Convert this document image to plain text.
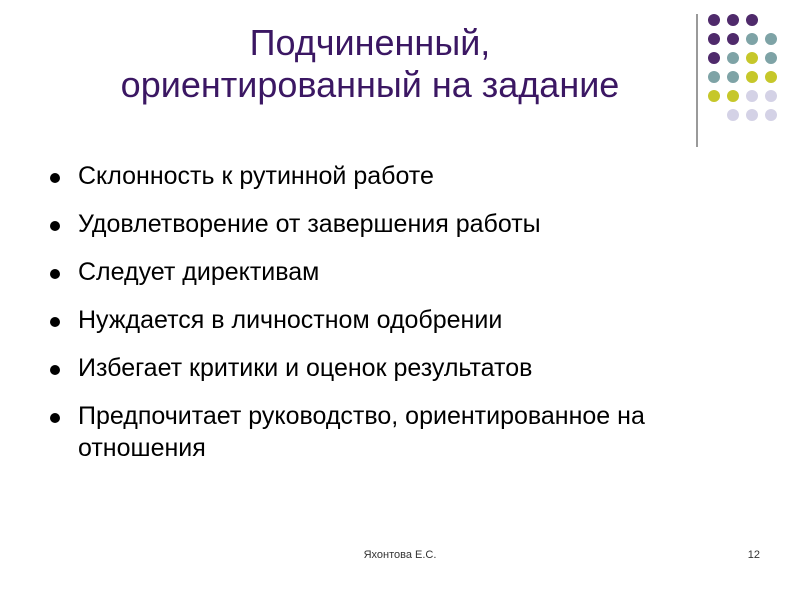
Подчиненный,
ориентированный на задание
Склонность к рутинной работе
Удовлетворение от завершения работы
Следует директивам
Нуждается в личностном одобрении
Избегает критики и оценок результатов
Предпочитает руководство, ориентированное на отношения
Яхонтова Е.С.	12
